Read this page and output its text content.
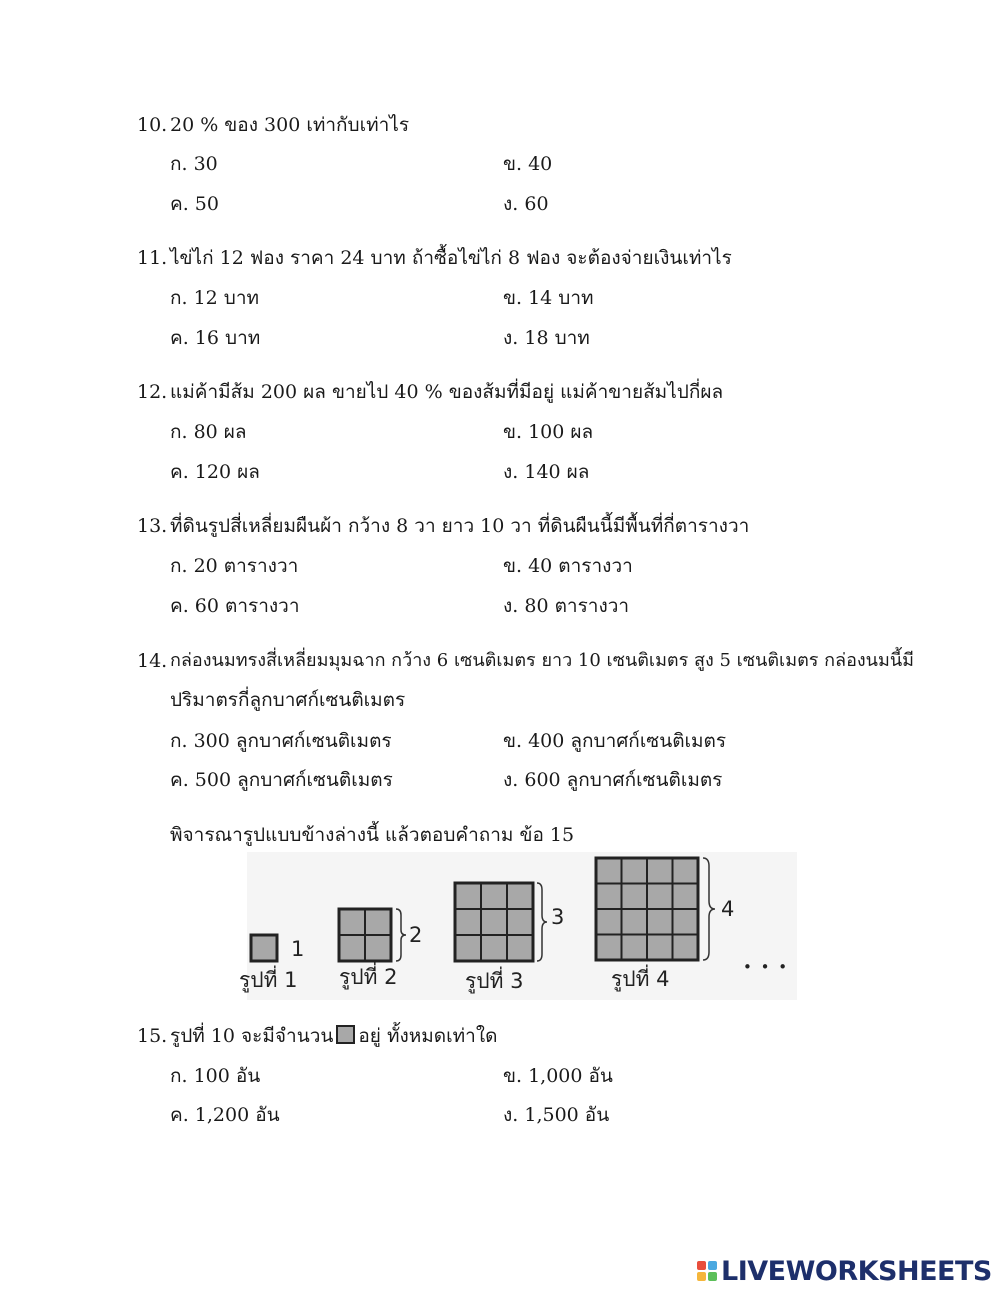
10. 20 % ของ 300 เท่ากับเท่าไร
ก. 30	ข. 40
ค. 50	ง. 60
11. ไข่ไก่ 12 ฟอง ราคา 24 บาท ถ้าซื้อไข่ไก่ 8 ฟอง จะต้องจ่ายเงินเท่าไร
ก. 12 บาท	ข. 14 บาท
ค. 16 บาท	ง. 18 บาท
12. แม่ค้ามีส้ม 200 ผล ขายไป 40 % ของส้มที่มีอยู่ แม่ค้าขายส้มไปกี่ผล
ก. 80 ผล	ข. 100 ผล
ค. 120 ผล	ง. 140 ผล
13. ที่ดินรูปสี่เหลี่ยมผืนผ้า กว้าง 8 วา ยาว 10 วา ที่ดินผืนนี้มีพื้นที่กี่ตารางวา
ก. 20 ตารางวา	ข. 40 ตารางวา
ค. 60 ตารางวา	ง. 80 ตารางวา
14. กล่องนมทรงสี่เหลี่ยมมุมฉาก กว้าง 6 เซนติเมตร ยาว 10 เซนติเมตร สูง 5 เซนติเมตร กล่องนมนี้มี
ปริมาตรกี่ลูกบาศก์เซนติเมตร
ก. 300 ลูกบาศก์เซนติเมตร	ข. 400 ลูกบาศก์เซนติเมตร
ค. 500 ลูกบาศก์เซนติเมตร	ง. 600 ลูกบาศก์เซนติเมตร
พิจารณารูปแบบข้างล่างนี้ แล้วตอบคำถาม ข้อ 15
1
รูปที่ 1
2
รูปที่ 2
3
รูปที่ 3
4
รูปที่ 4	• • •
15. รูปที่ 10 จะมีจำนวน อยู่ ทั้งหมดเท่าใด
ก. 100 อัน	ข. 1,000 อัน
ค. 1,200 อัน	ง. 1,500 อัน
LIVEWORKSHEETS
